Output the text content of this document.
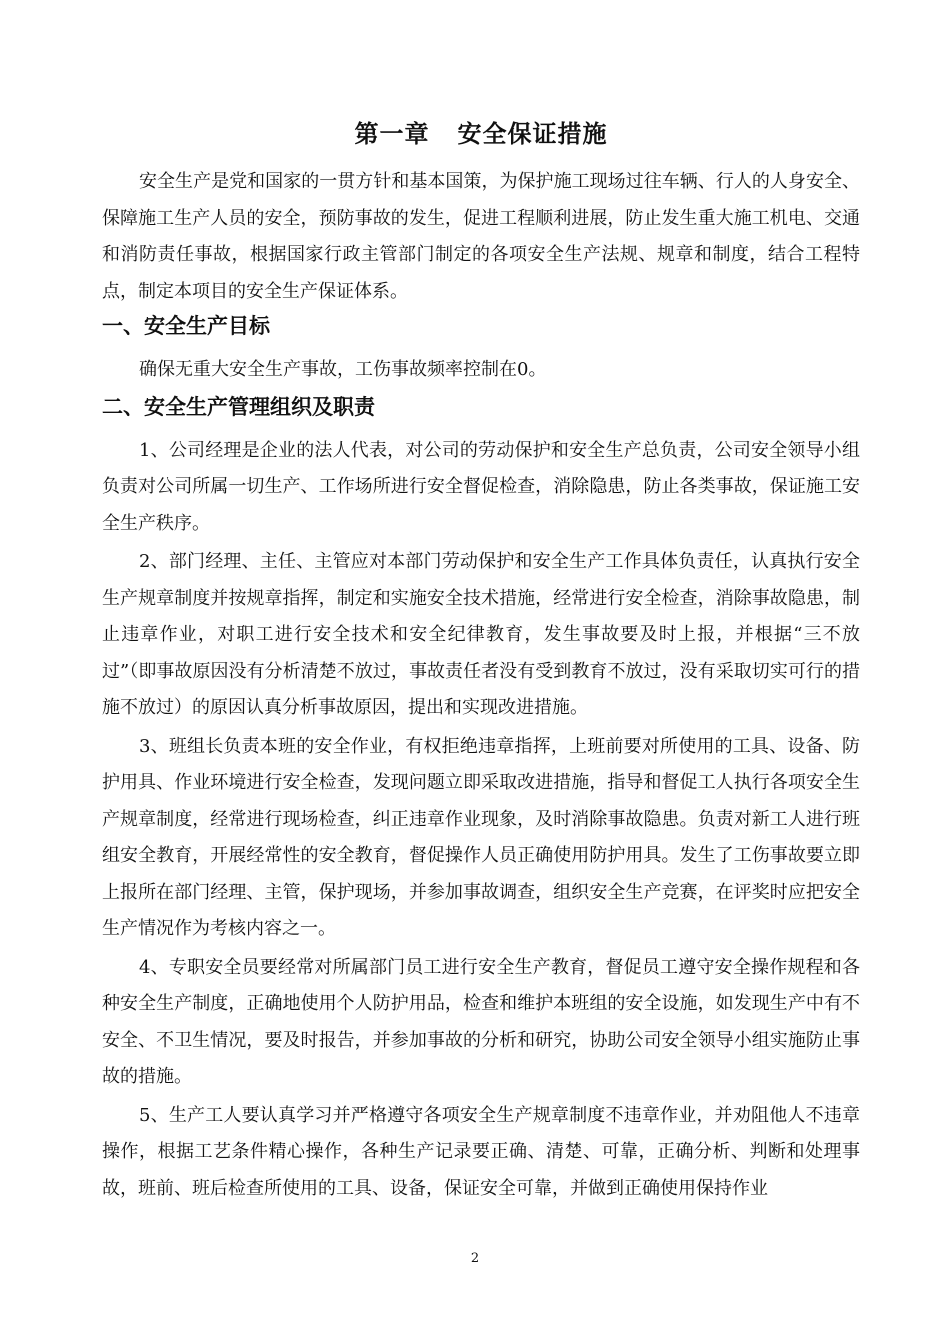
第一章 安全保证措施

安全生产是党和国家的一贯方针和基本国策，为保护施工现场过往车辆、行人的人身安全、保障施工生产人员的安全，预防事故的发生，促进工程顺利进展，防止发生重大施工机电、交通和消防责任事故，根据国家行政主管部门制定的各项安全生产法规、规章和制度，结合工程特点，制定本项目的安全生产保证体系。

一、安全生产目标

确保无重大安全生产事故，工伤事故频率控制在0。

二、安全生产管理组织及职责

1、公司经理是企业的法人代表，对公司的劳动保护和安全生产总负责，公司安全领导小组负责对公司所属一切生产、工作场所进行安全督促检查，消除隐患，防止各类事故，保证施工安全生产秩序。

2、部门经理、主任、主管应对本部门劳动保护和安全生产工作具体负责任，认真执行安全生产规章制度并按规章指挥，制定和实施安全技术措施，经常进行安全检查，消除事故隐患，制止违章作业，对职工进行安全技术和安全纪律教育，发生事故要及时上报，并根据“三不放过”（即事故原因没有分析清楚不放过，事故责任者没有受到教育不放过，没有采取切实可行的措施不放过）的原因认真分析事故原因，提出和实现改进措施。

3、班组长负责本班的安全作业，有权拒绝违章指挥，上班前要对所使用的工具、设备、防护用具、作业环境进行安全检查，发现问题立即采取改进措施，指导和督促工人执行各项安全生产规章制度，经常进行现场检查，纠正违章作业现象，及时消除事故隐患。负责对新工人进行班组安全教育，开展经常性的安全教育，督促操作人员正确使用防护用具。发生了工伤事故要立即上报所在部门经理、主管，保护现场，并参加事故调查，组织安全生产竞赛，在评奖时应把安全生产情况作为考核内容之一。

4、专职安全员要经常对所属部门员工进行安全生产教育，督促员工遵守安全操作规程和各种安全生产制度，正确地使用个人防护用品，检查和维护本班组的安全设施，如发现生产中有不安全、不卫生情况，要及时报告，并参加事故的分析和研究，协助公司安全领导小组实施防止事故的措施。

5、生产工人要认真学习并严格遵守各项安全生产规章制度不违章作业，并劝阻他人不违章操作，根据工艺条件精心操作，各种生产记录要正确、清楚、可靠，正确分析、判断和处理事故，班前、班后检查所使用的工具、设备，保证安全可靠，并做到正确使用保持作业

2
